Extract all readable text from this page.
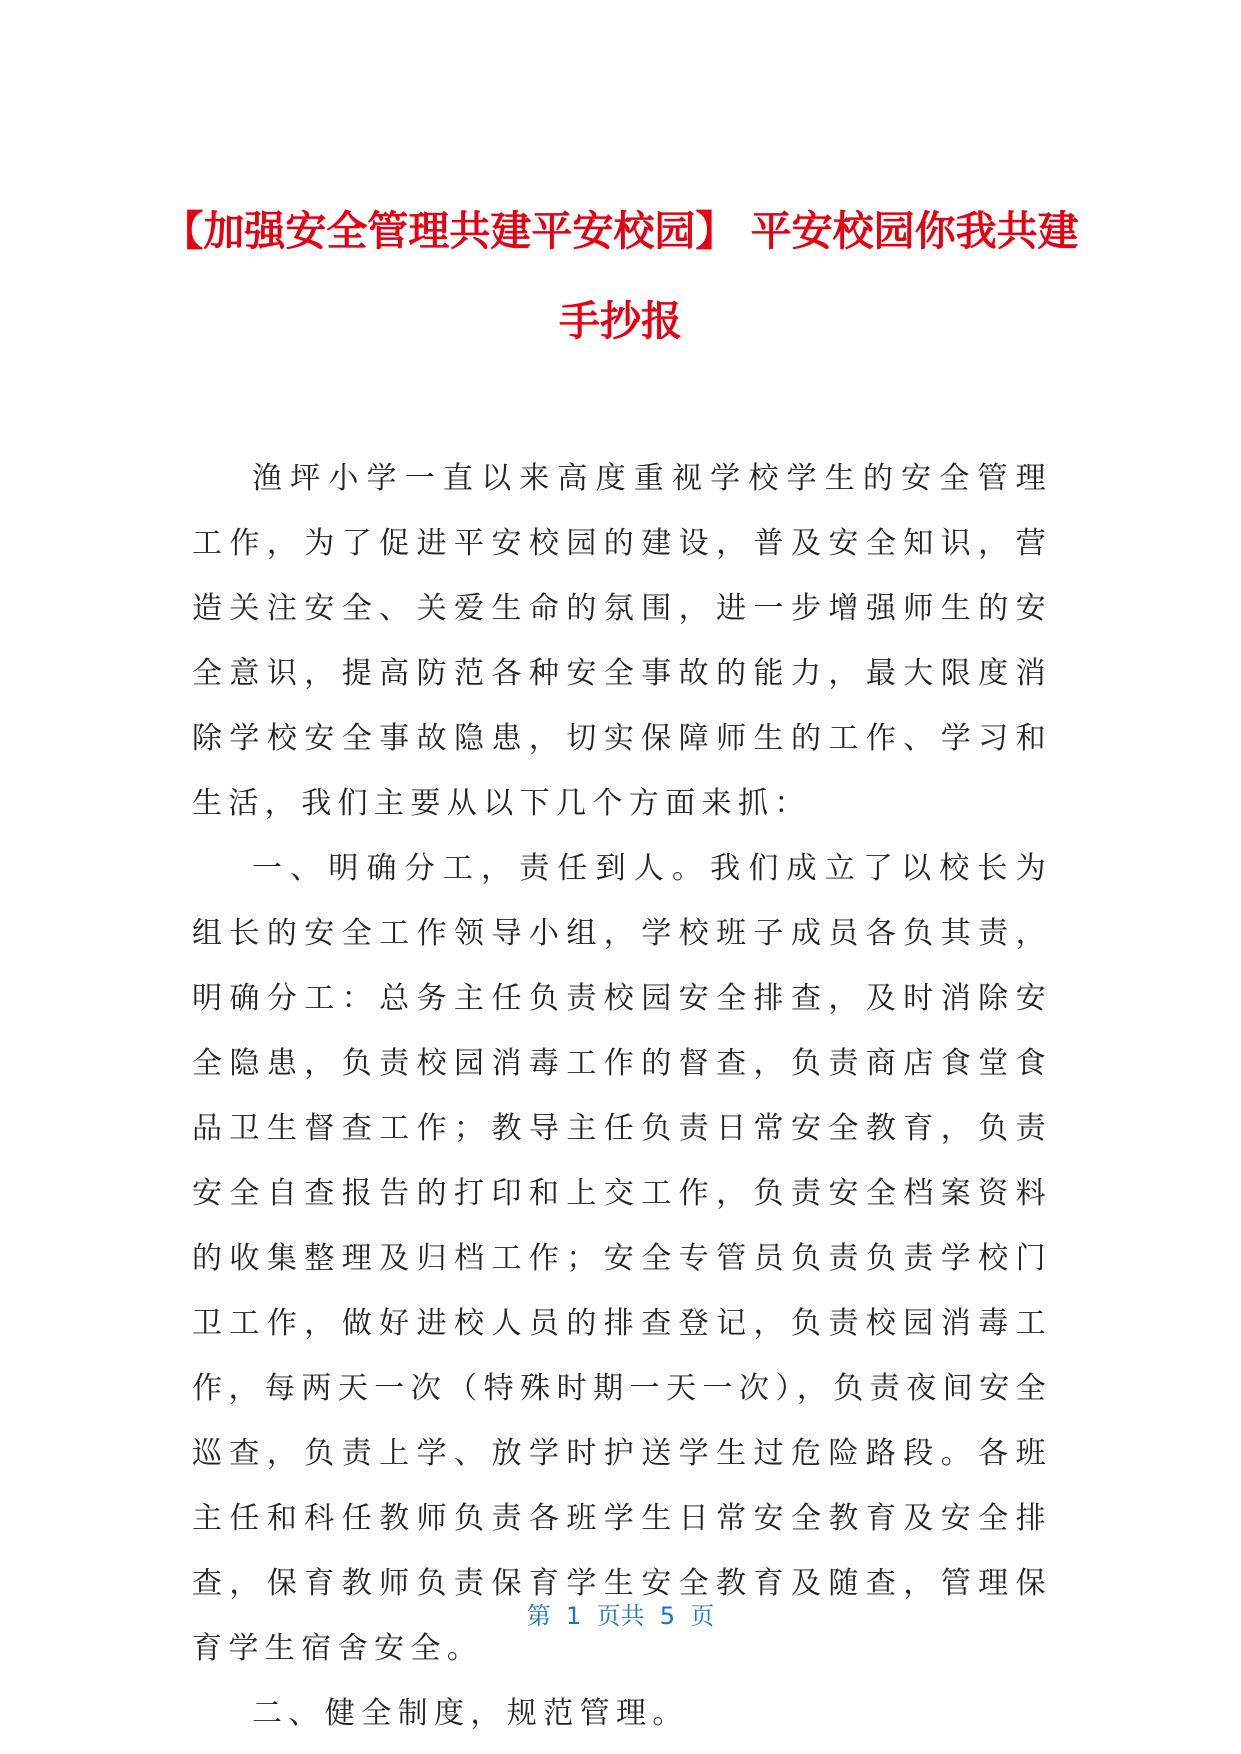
【加强安全管理共建平安校园】 平安校园你我共建手抄报

渔坪小学一直以来高度重视学校学生的安全管理工作，为了促进平安校园的建设，普及安全知识，营造关注安全、关爱生命的氛围，进一步增强师生的安全意识，提高防范各种安全事故的能力，最大限度消除学校安全事故隐患，切实保障师生的工作、学习和生活，我们主要从以下几个方面来抓：

一、明确分工，责任到人。我们成立了以校长为组长的安全工作领导小组，学校班子成员各负其责，明确分工：总务主任负责校园安全排查，及时消除安全隐患，负责校园消毒工作的督查，负责商店食堂食品卫生督查工作；教导主任负责日常安全教育，负责安全自查报告的打印和上交工作，负责安全档案资料的收集整理及归档工作；安全专管员负责负责学校门卫工作，做好进校人员的排查登记，负责校园消毒工作，每两天一次（特殊时期一天一次），负责夜间安全巡查，负责上学、放学时护送学生过危险路段。各班主任和科任教师负责各班学生日常安全教育及安全排查，保育教师负责保育学生安全教育及随查，管理保育学生宿舍安全。

二、健全制度，规范管理。

第  1  页共  5  页
